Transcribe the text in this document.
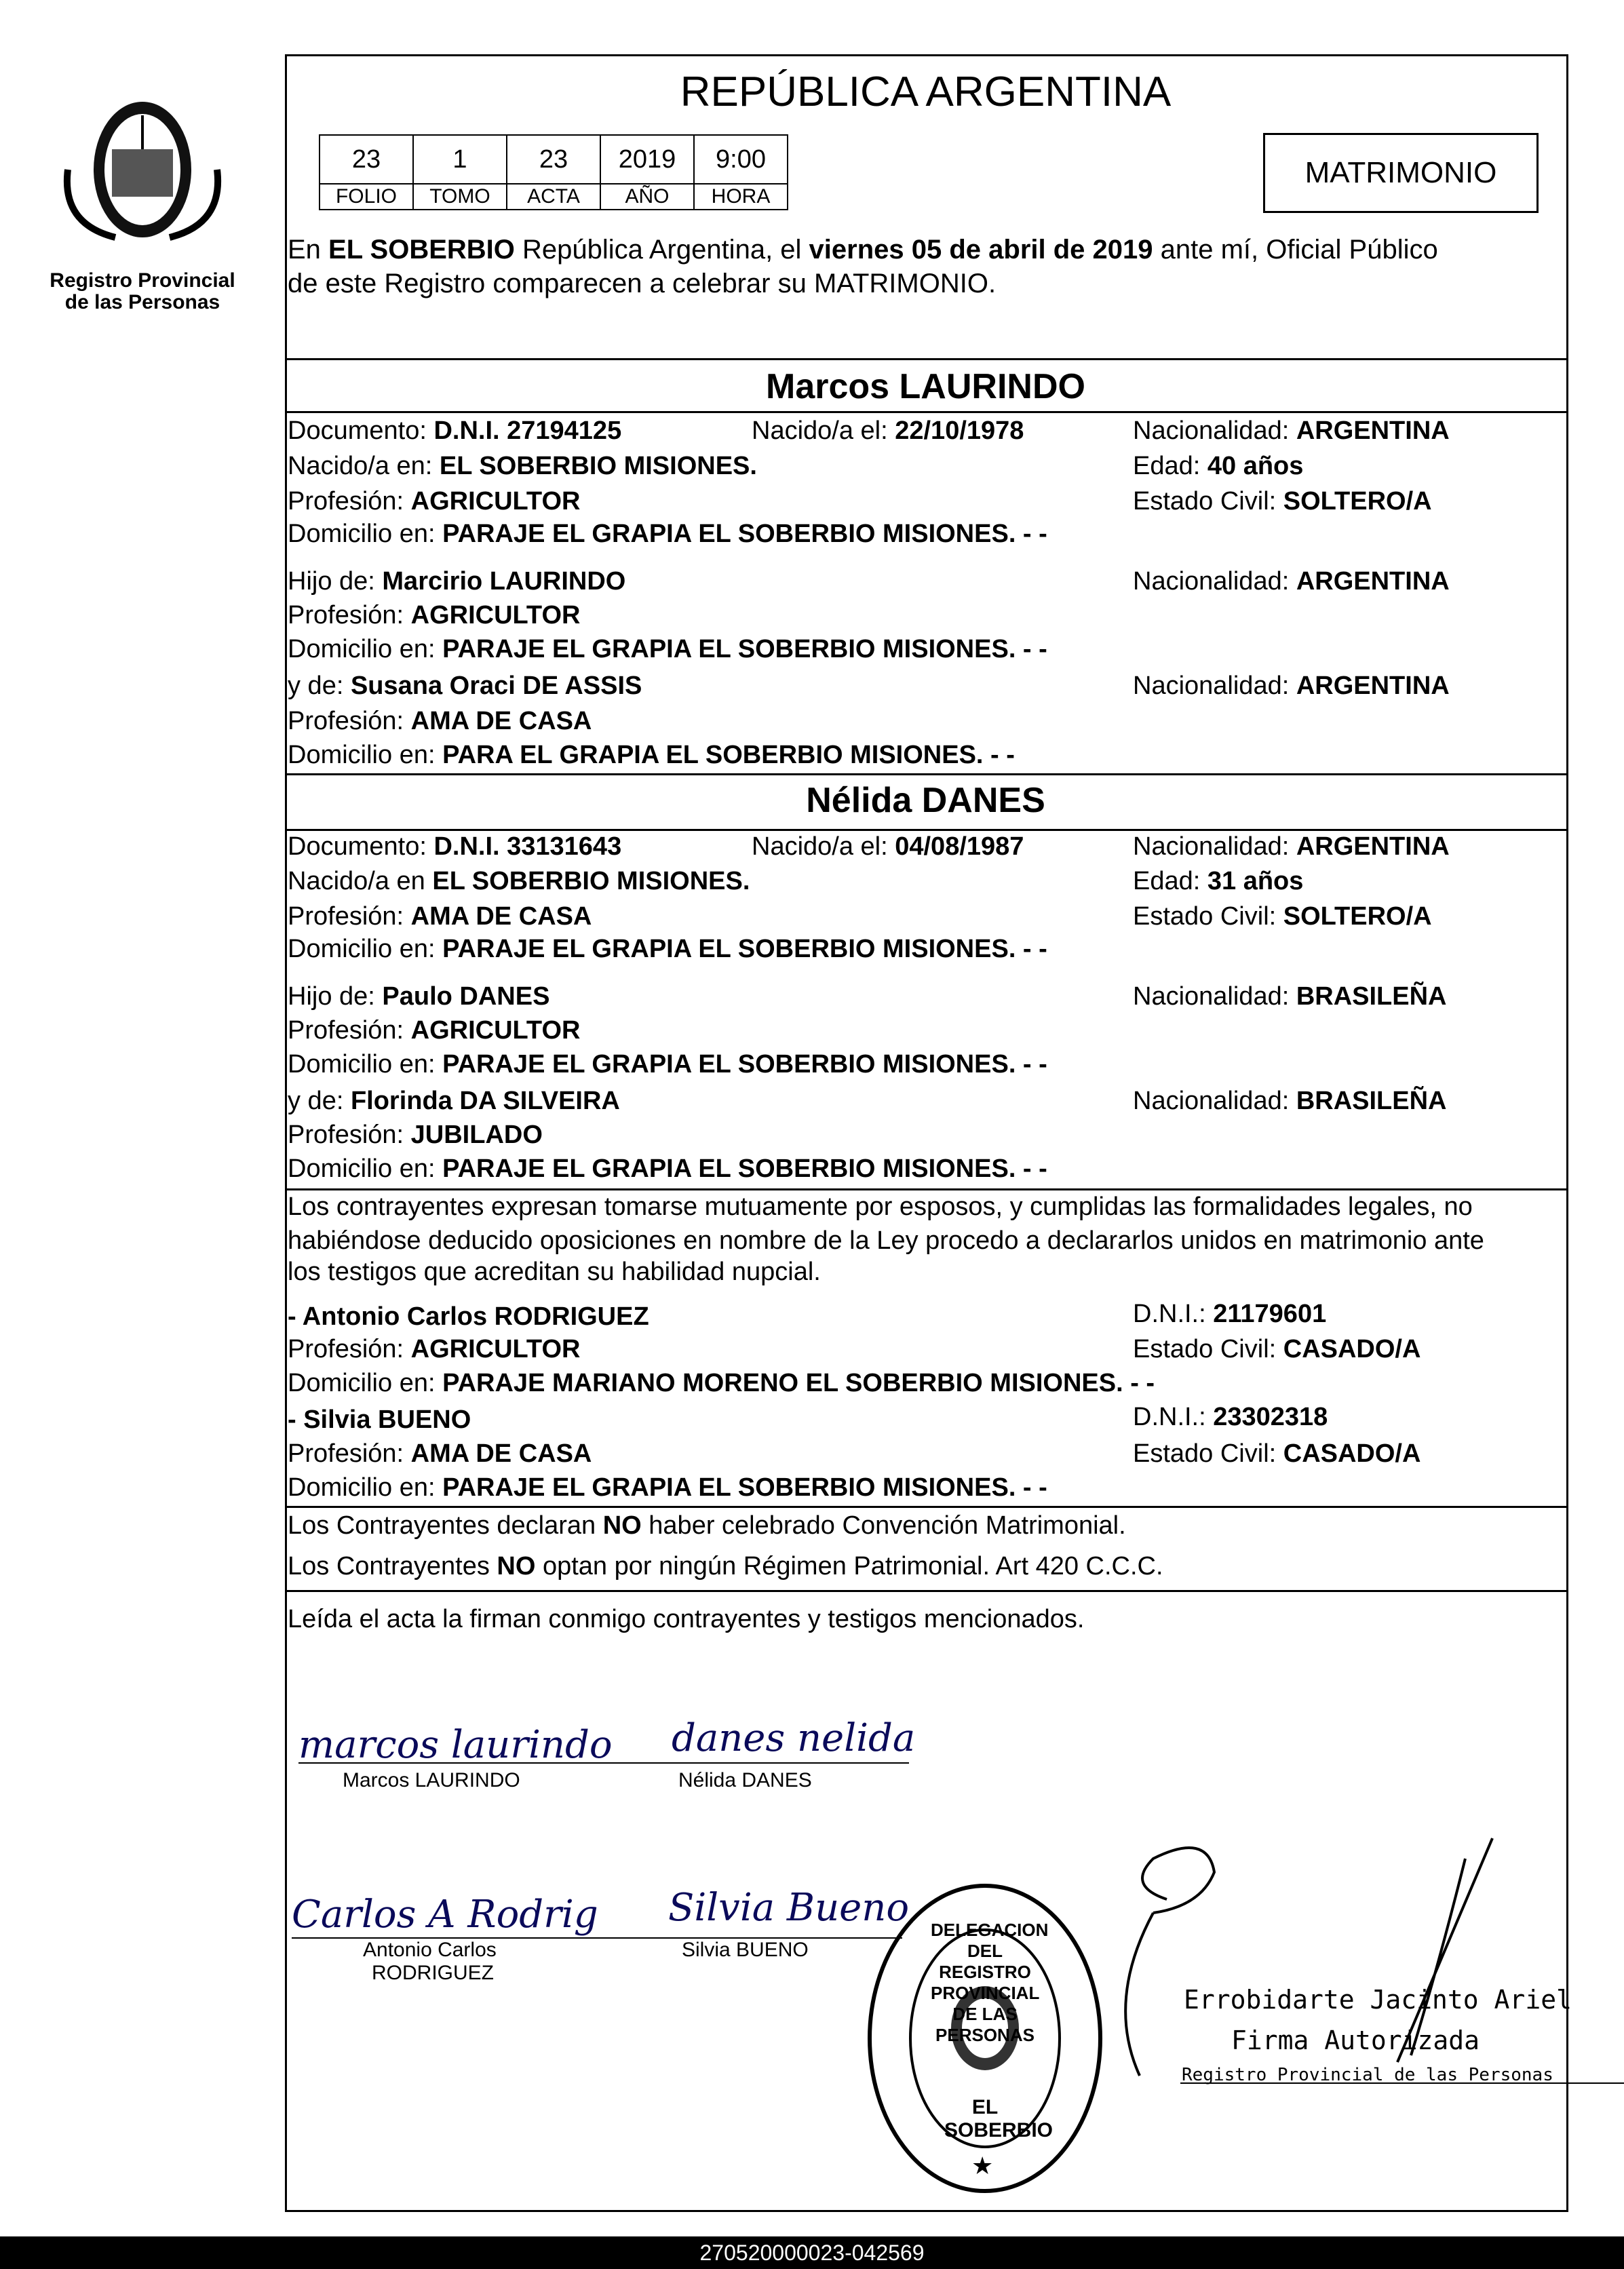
Registro Provincial
de las Personas
REPÚBLICA ARGENTINA
23	1	23	2019	9:00
FOLIO	TOMO	ACTA	AÑO	HORA
MATRIMONIO
En EL SOBERBIO República Argentina, el viernes 05 de abril de 2019 ante mí, Oficial Público
de este Registro comparecen a celebrar su MATRIMONIO.
Marcos LAURINDO
Documento: D.N.I. 27194125	Nacido/a el: 22/10/1978	Nacionalidad: ARGENTINA
Nacido/a en: EL SOBERBIO MISIONES.	Edad: 40 años
Profesión: AGRICULTOR	Estado Civil: SOLTERO/A
Domicilio en: PARAJE EL GRAPIA EL SOBERBIO MISIONES. - -
Hijo de: Marcirio LAURINDO	Nacionalidad: ARGENTINA
Profesión: AGRICULTOR
Domicilio en: PARAJE EL GRAPIA EL SOBERBIO MISIONES. - -
y de: Susana Oraci DE ASSIS	Nacionalidad: ARGENTINA
Profesión: AMA DE CASA
Domicilio en: PARA EL GRAPIA EL SOBERBIO MISIONES. - -
Nélida DANES
Documento: D.N.I. 33131643	Nacido/a el: 04/08/1987	Nacionalidad: ARGENTINA
Nacido/a en EL SOBERBIO MISIONES.	Edad: 31 años
Profesión: AMA DE CASA	Estado Civil: SOLTERO/A
Domicilio en: PARAJE EL GRAPIA EL SOBERBIO MISIONES. - -
Hijo de: Paulo DANES	Nacionalidad: BRASILEÑA
Profesión: AGRICULTOR
Domicilio en: PARAJE EL GRAPIA EL SOBERBIO MISIONES. - -
y de: Florinda DA SILVEIRA	Nacionalidad: BRASILEÑA
Profesión: JUBILADO
Domicilio en: PARAJE EL GRAPIA EL SOBERBIO MISIONES. - -
Los contrayentes expresan tomarse mutuamente por esposos, y cumplidas las formalidades legales, no
habiéndose deducido oposiciones en nombre de la Ley procedo a declararlos unidos en matrimonio ante
los testigos que acreditan su habilidad nupcial.
- Antonio Carlos RODRIGUEZ	D.N.I.: 21179601
Profesión: AGRICULTOR	Estado Civil: CASADO/A
Domicilio en: PARAJE MARIANO MORENO EL SOBERBIO MISIONES. - -
- Silvia BUENO	D.N.I.: 23302318
Profesión: AMA DE CASA	Estado Civil: CASADO/A
Domicilio en: PARAJE EL GRAPIA EL SOBERBIO MISIONES. - -
Los Contrayentes declaran NO haber celebrado Convención Matrimonial.
Los Contrayentes NO optan por ningún Régimen Patrimonial. Art 420 C.C.C.
Leída el acta la firman conmigo contrayentes y testigos mencionados.
marcos laurindo danes nelida
Marcos LAURINDO	Nélida DANES
Carlos A Rodrig Silvia Bueno
Antonio Carlos
RODRIGUEZ
Silvia BUENO
DELEGACION DEL REGISTRO PROVINCIAL DE LAS PERSONAS
EL SOBERBIO
★
Errobidarte Jacinto Ariel
Firma Autorizada
Registro Provincial de las Personas
270520000023-042569
